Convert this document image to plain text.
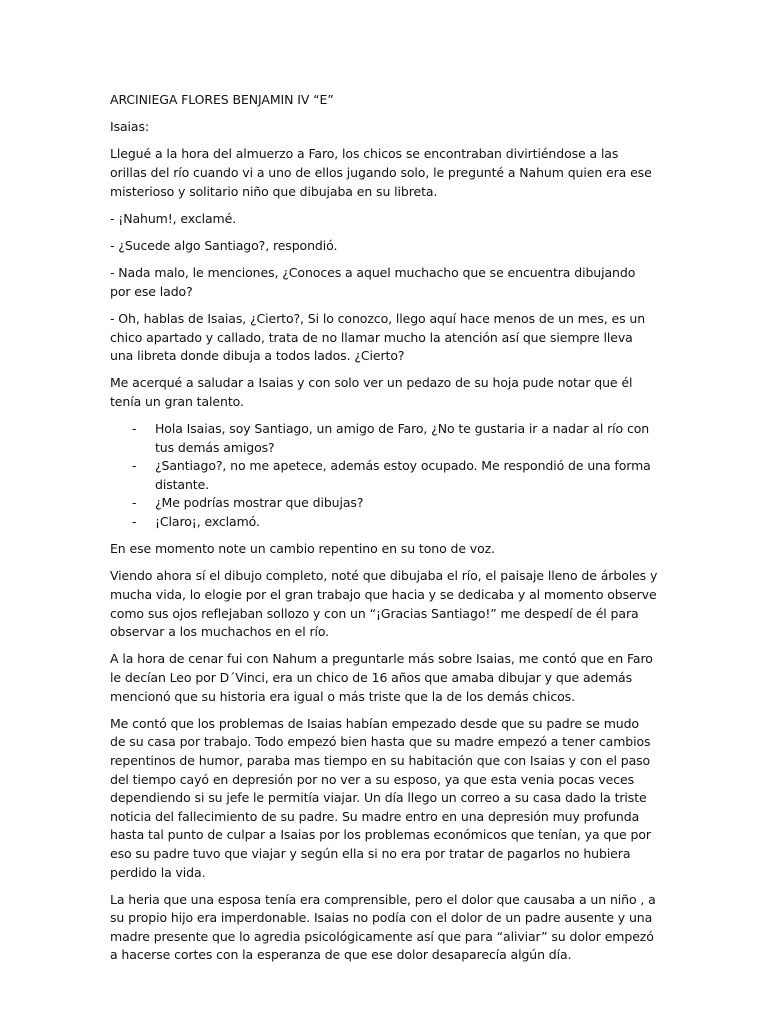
ARCINIEGA FLORES BENJAMIN IV “E”

Isaias:

Llegué a la hora del almuerzo a Faro, los chicos se encontraban divirtiéndose a las orillas del río cuando vi a uno de ellos jugando solo, le pregunté a Nahum quien era ese misterioso y solitario niño que dibujaba en su libreta.

- ¡Nahum!, exclamé.

- ¿Sucede algo Santiago?, respondió.

- Nada malo, le menciones, ¿Conoces a aquel muchacho que se encuentra dibujando por ese lado?

- Oh, hablas de Isaias, ¿Cierto?, Si lo conozco, llego aquí hace menos de un mes, es un chico apartado y callado, trata de no llamar mucho la atención así que siempre lleva una libreta donde dibuja a todos lados. ¿Cierto?

Me acerqué a saludar a Isaias y con solo ver un pedazo de su hoja pude notar que él tenía un gran talento.

- Hola Isaias, soy Santiago, un amigo de Faro, ¿No te gustaria ir a nadar al río con tus demás amigos?
- ¿Santiago?, no me apetece, además estoy ocupado. Me respondió de una forma distante.
- ¿Me podrías mostrar que dibujas?
- ¡Claro¡, exclamó.

En ese momento note un cambio repentino en su tono de voz.

Viendo ahora sí el dibujo completo, noté que dibujaba el río, el paisaje lleno de árboles y mucha vida, lo elogie por el gran trabajo que hacia y se dedicaba y al momento observe como sus ojos reflejaban sollozo y con un “¡Gracias Santiago!” me despedí de él para observar a los muchachos en el río.

A la hora de cenar fui con Nahum a preguntarle más sobre Isaias, me contó que en Faro le decían Leo por D´Vinci, era un chico de 16 años que amaba dibujar y que además mencionó que su historia era igual o más triste que la de los demás chicos.

Me contó que los problemas de Isaias habían empezado desde que su padre se mudo de su casa por trabajo. Todo empezó bien hasta que su madre empezó a tener cambios repentinos de humor, paraba mas tiempo en su habitación que con Isaias y con el paso del tiempo cayó en depresión por no ver a su esposo, ya que esta venia pocas veces dependiendo si su jefe le permitía viajar. Un día llego un correo a su casa dado la triste noticia del fallecimiento de su padre. Su madre entro en una depresión muy profunda hasta tal punto de culpar a Isaias por los problemas económicos que tenían, ya que por eso su padre tuvo que viajar y según ella si no era por tratar de pagarlos no hubiera perdido la vida.

La heria que una esposa tenía era comprensible, pero el dolor que causaba a un niño , a su propio hijo era imperdonable. Isaias no podía con el dolor de un padre ausente y una madre presente que lo agredia psicológicamente así que para “aliviar” su dolor empezó a hacerse cortes con la esperanza de que ese dolor desaparecía algún día.
